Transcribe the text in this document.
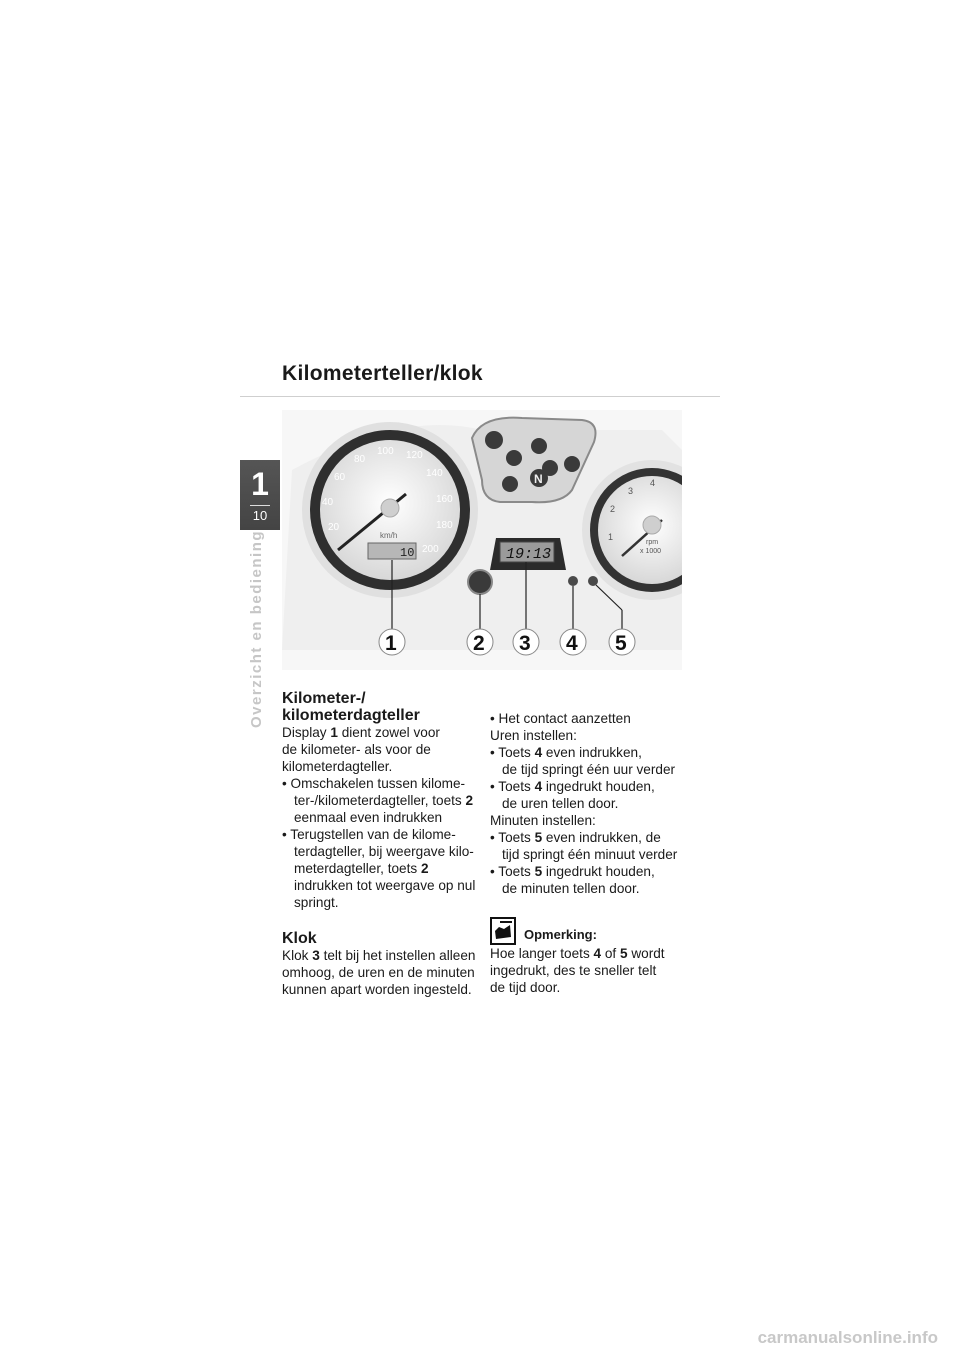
1
10
Overzicht en bediening
Kilometerteller/klok
20
40
60
80
100 120
140
160
180
200
km/h
10
N
19:13
1
2
3
4
rpm
x 1000
1	2 3 4 5
Kilometer-/
kilometerdagteller
Display 1 dient zowel voor
de kilometer- als voor de
kilometerdagteller.
• Omschakelen tussen kilome-
ter-/kilometerdagteller, toets 2
eenmaal even indrukken
• Terugstellen van de kilome-
terdagteller, bij weergave kilo-
meterdagteller, toets 2
indrukken tot weergave op nul
springt.
Klok
Klok 3 telt bij het instellen alleen
omhoog, de uren en de minuten
kunnen apart worden ingesteld.
• Het contact aanzetten
Uren instellen:
• Toets 4 even indrukken,
de tijd springt één uur verder
• Toets 4 ingedrukt houden,
de uren tellen door.
Minuten instellen:
• Toets 5 even indrukken, de
tijd springt één minuut verder
• Toets 5 ingedrukt houden,
de minuten tellen door.
Opmerking:
Hoe langer toets 4 of 5 wordt
ingedrukt, des te sneller telt
de tijd door.
carmanualsonline.info
